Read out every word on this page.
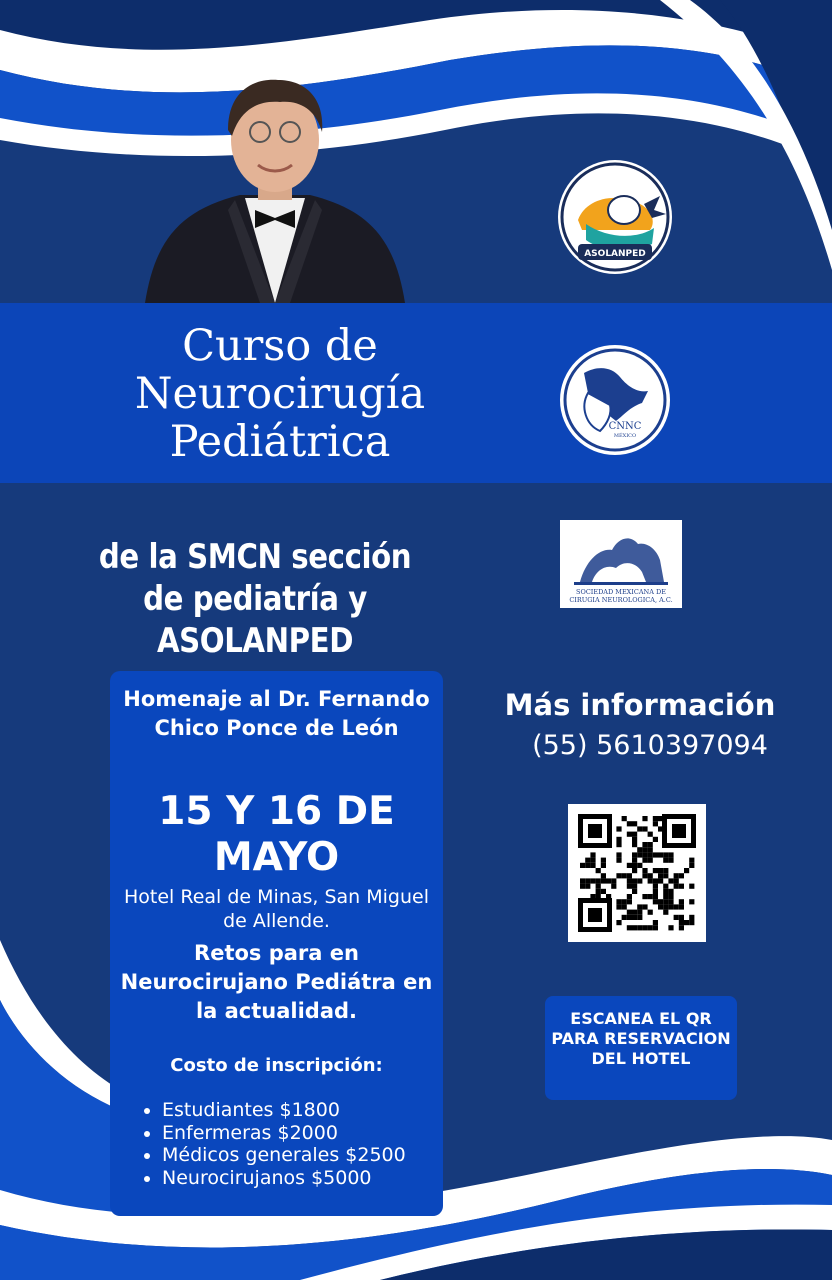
ASOLANPED
CNNC
MÉXICO
SOCIEDAD MEXICANA DE
CIRUGIA NEUROLOGICA, A.C.
Curso de Neurocirugía Pediátrica
de la SMCN sección de pediatría y ASOLANPED
Homenaje al Dr. Fernando Chico Ponce de León
15 Y 16 DE MAYO
Hotel Real de Minas, San Miguel de Allende.
Retos para en Neurocirujano Pediátra en la actualidad.
Costo de inscripción:
• Estudiantes $1800
• Enfermeras $2000
• Médicos generales $2500
• Neurocirujanos $5000
Más información
(55) 5610397094
ESCANEA EL QR PARA RESERVACION DEL HOTEL
